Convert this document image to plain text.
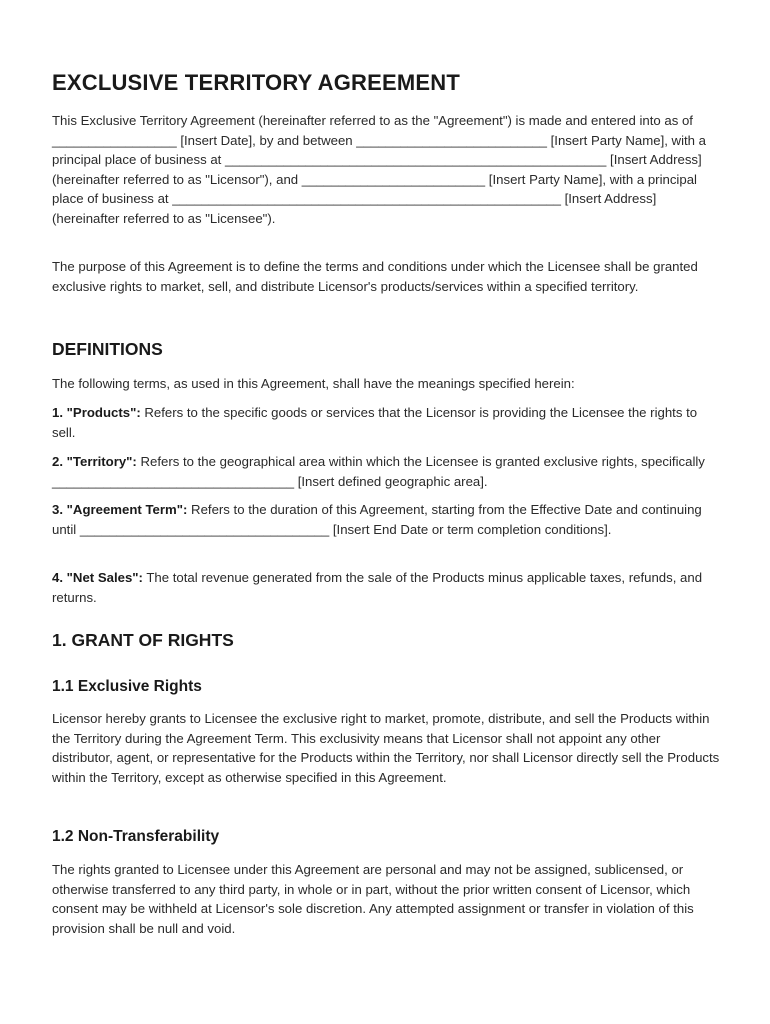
EXCLUSIVE TERRITORY AGREEMENT

This Exclusive Territory Agreement (hereinafter referred to as the "Agreement") is made and entered into as of _________________ [Insert Date], by and between __________________________ [Insert Party Name], with a principal place of business at ____________________________________________________ [Insert Address] (hereinafter referred to as "Licensor"), and _________________________ [Insert Party Name], with a principal place of business at _____________________________________________________ [Insert Address] (hereinafter referred to as "Licensee").

The purpose of this Agreement is to define the terms and conditions under which the Licensee shall be granted exclusive rights to market, sell, and distribute Licensor's products/services within a specified territory.

DEFINITIONS

The following terms, as used in this Agreement, shall have the meanings specified herein:

1. "Products": Refers to the specific goods or services that the Licensor is providing the Licensee the rights to sell.

2. "Territory": Refers to the geographical area within which the Licensee is granted exclusive rights, specifically _________________________________ [Insert defined geographic area].

3. "Agreement Term": Refers to the duration of this Agreement, starting from the Effective Date and continuing until __________________________________ [Insert End Date or term completion conditions].

4. "Net Sales": The total revenue generated from the sale of the Products minus applicable taxes, refunds, and returns.

1. GRANT OF RIGHTS
1.1 Exclusive Rights

Licensor hereby grants to Licensee the exclusive right to market, promote, distribute, and sell the Products within the Territory during the Agreement Term. This exclusivity means that Licensor shall not appoint any other distributor, agent, or representative for the Products within the Territory, nor shall Licensor directly sell the Products within the Territory, except as otherwise specified in this Agreement.

1.2 Non-Transferability

The rights granted to Licensee under this Agreement are personal and may not be assigned, sublicensed, or otherwise transferred to any third party, in whole or in part, without the prior written consent of Licensor, which consent may be withheld at Licensor's sole discretion. Any attempted assignment or transfer in violation of this provision shall be null and void.
